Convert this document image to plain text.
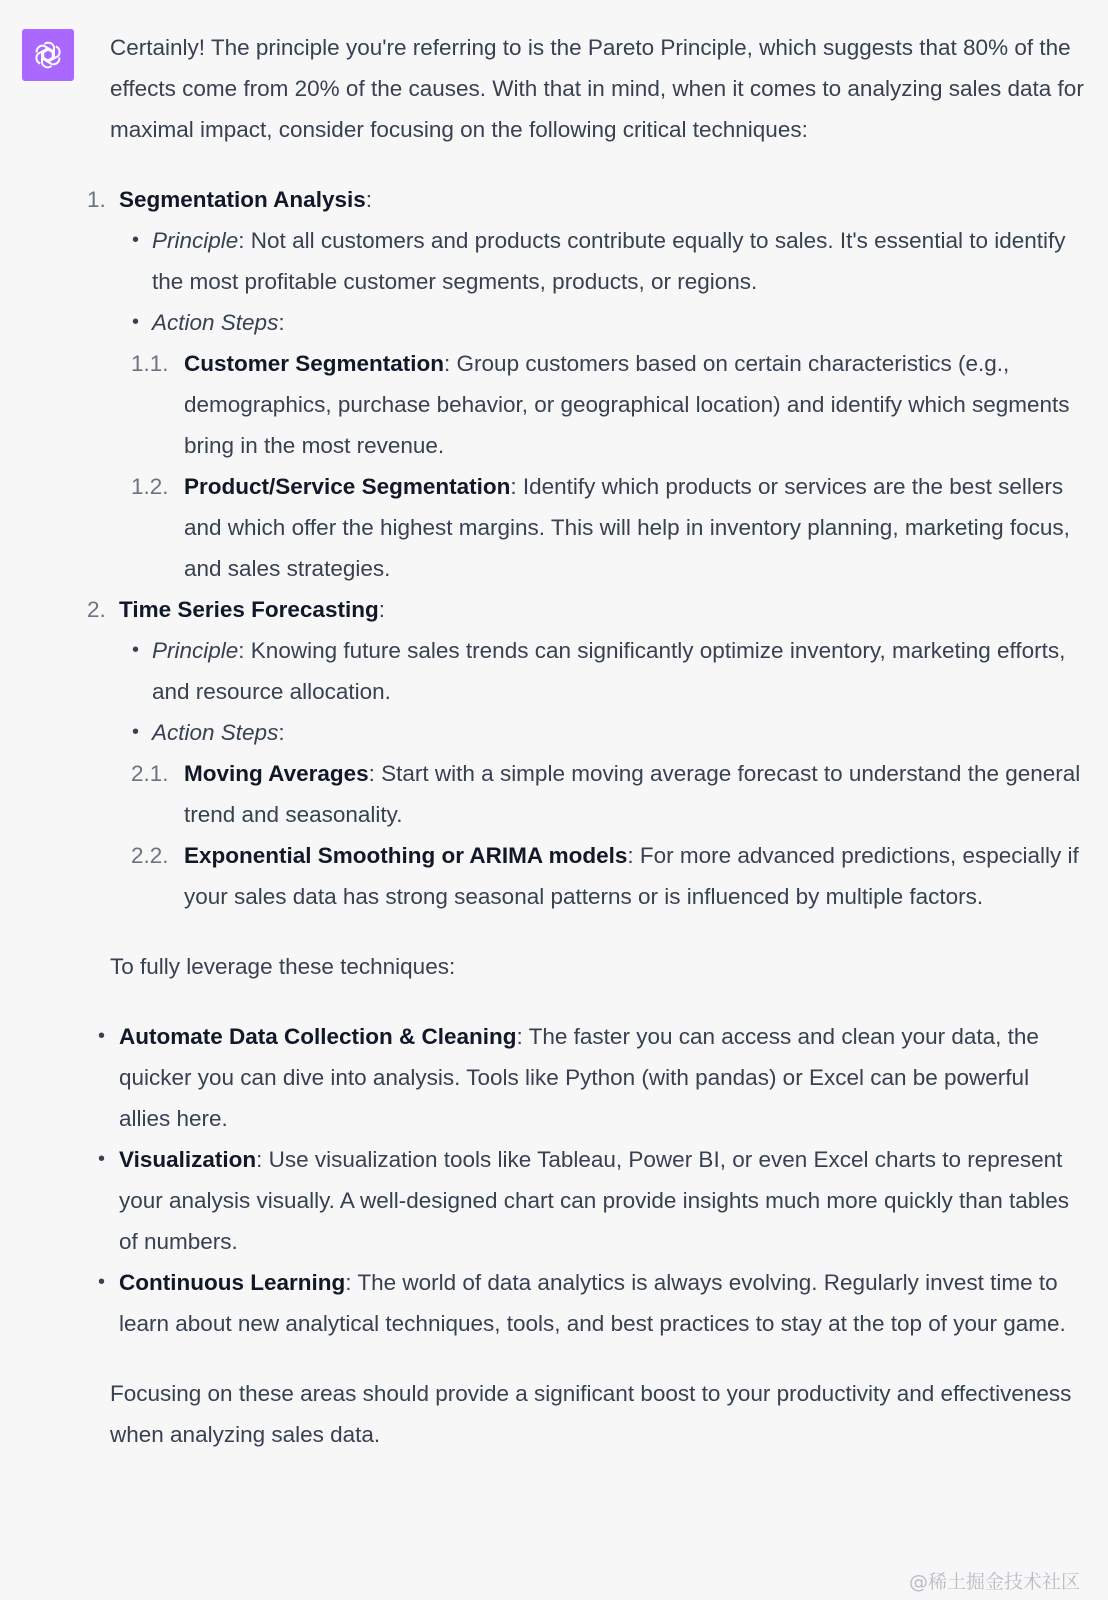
Certainly! The principle you're referring to is the Pareto Principle, which suggests that 80% of the effects come from 20% of the causes. With that in mind, when it comes to analyzing sales data for maximal impact, consider focusing on the following critical techniques:

1. Segmentation Analysis:
• Principle: Not all customers and products contribute equally to sales. It's essential to identify the most profitable customer segments, products, or regions.
• Action Steps:
1.1. Customer Segmentation: Group customers based on certain characteristics (e.g., demographics, purchase behavior, or geographical location) and identify which segments bring in the most revenue.
1.2. Product/Service Segmentation: Identify which products or services are the best sellers and which offer the highest margins. This will help in inventory planning, marketing focus, and sales strategies.
2. Time Series Forecasting:
• Principle: Knowing future sales trends can significantly optimize inventory, marketing efforts, and resource allocation.
• Action Steps:
2.1. Moving Averages: Start with a simple moving average forecast to understand the general trend and seasonality.
2.2. Exponential Smoothing or ARIMA models: For more advanced predictions, especially if your sales data has strong seasonal patterns or is influenced by multiple factors.

To fully leverage these techniques:

• Automate Data Collection & Cleaning: The faster you can access and clean your data, the quicker you can dive into analysis. Tools like Python (with pandas) or Excel can be powerful allies here.
• Visualization: Use visualization tools like Tableau, Power BI, or even Excel charts to represent your analysis visually. A well-designed chart can provide insights much more quickly than tables of numbers.
• Continuous Learning: The world of data analytics is always evolving. Regularly invest time to learn about new analytical techniques, tools, and best practices to stay at the top of your game.

Focusing on these areas should provide a significant boost to your productivity and effectiveness when analyzing sales data.

@稀土掘金技术社区
